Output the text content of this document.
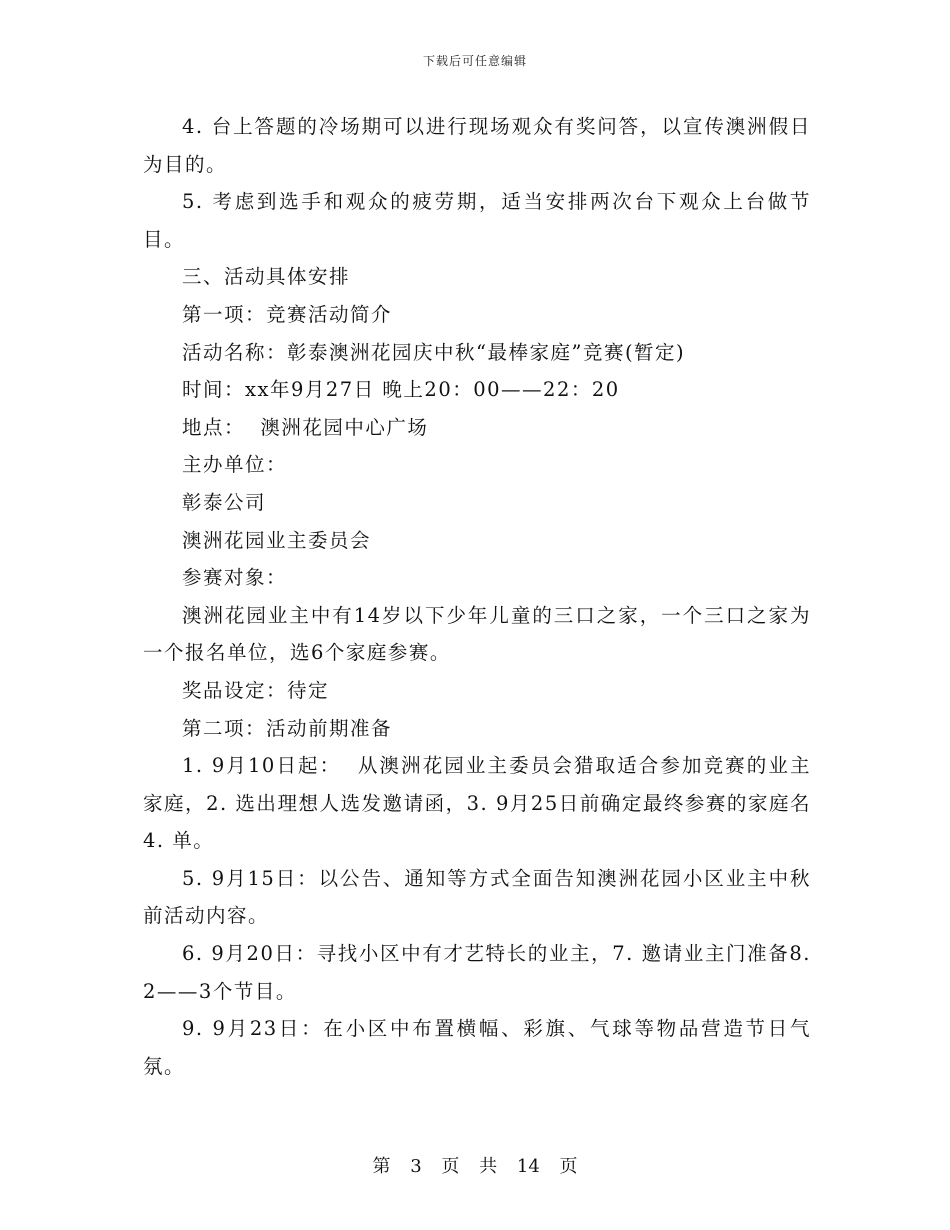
下载后可任意编辑

4. 台上答题的冷场期可以进行现场观众有奖问答，以宣传澳洲假日为目的。

5. 考虑到选手和观众的疲劳期，适当安排两次台下观众上台做节目。

三、活动具体安排

第一项：竞赛活动简介

活动名称：彰泰澳洲花园庆中秋“最棒家庭”竞赛(暂定)

时间：xx年9月27日 晚上20：00——22：20

地点：  澳洲花园中心广场

主办单位：

彰泰公司

澳洲花园业主委员会

参赛对象：

澳洲花园业主中有14岁以下少年儿童的三口之家，一个三口之家为一个报名单位，选6个家庭参赛。

奖品设定：待定

第二项：活动前期准备

1. 9月10日起：  从澳洲花园业主委员会猎取适合参加竞赛的业主家庭，2. 选出理想人选发邀请函，3. 9月25日前确定最终参赛的家庭名4. 单。

5. 9月15日：以公告、通知等方式全面告知澳洲花园小区业主中秋前活动内容。

6. 9月20日：寻找小区中有才艺特长的业主，7. 邀请业主门准备8. 2——3个节目。

9. 9月23日：在小区中布置横幅、彩旗、气球等物品营造节日气氛。

第 3 页 共 14 页
